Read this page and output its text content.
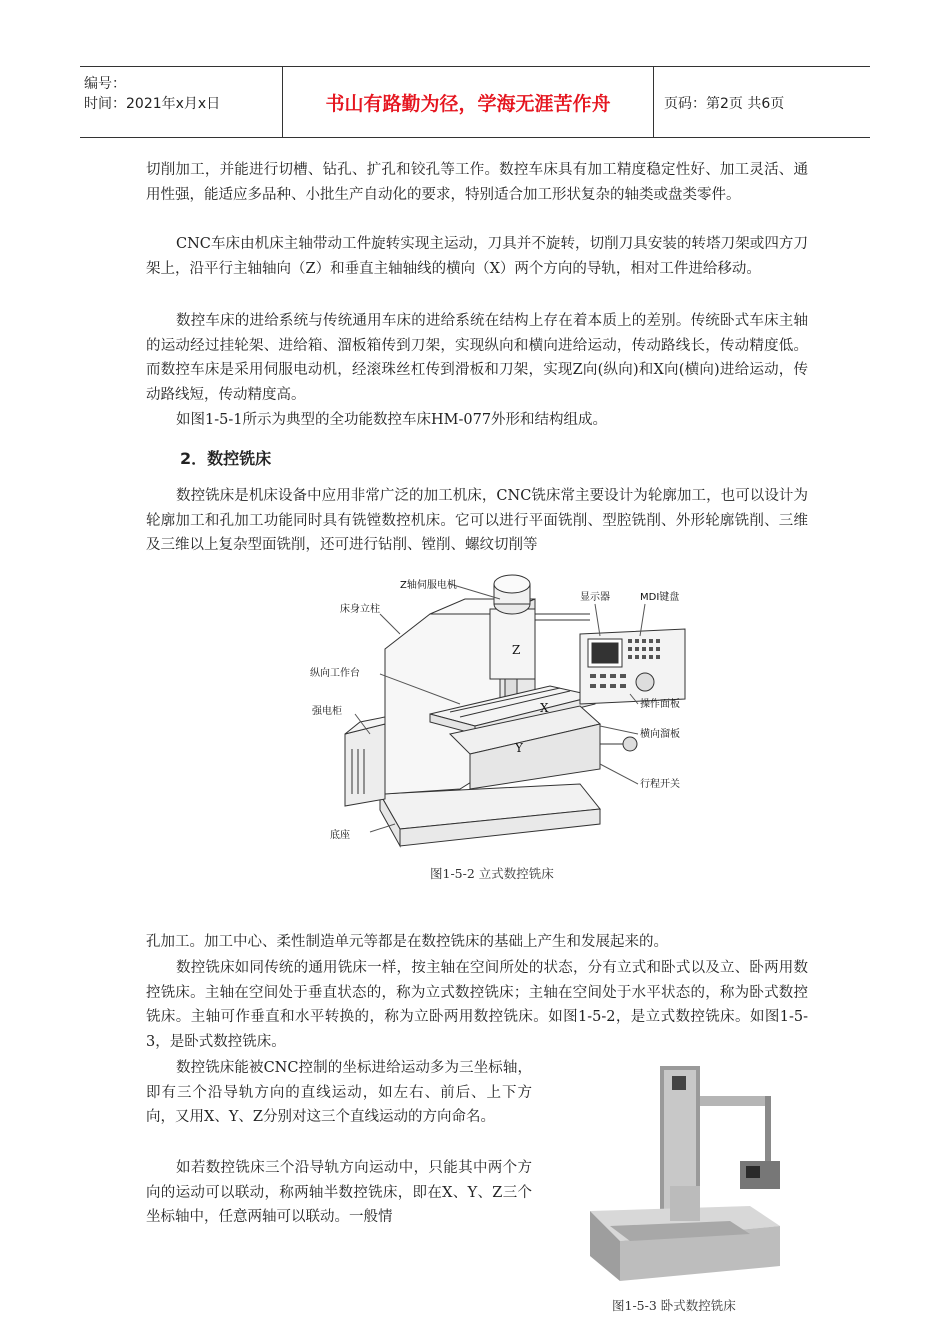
编号：
时间：2021年x月x日	书山有路勤为径，学海无涯苦作舟	页码：第2页 共6页

切削加工，并能进行切槽、钻孔、扩孔和铰孔等工作。数控车床具有加工精度稳定性好、加工灵活、通用性强，能适应多品种、小批生产自动化的要求，特别适合加工形状复杂的轴类或盘类零件。

CNC车床由机床主轴带动工件旋转实现主运动，刀具并不旋转，切削刀具安装的转塔刀架或四方刀架上，沿平行主轴轴向（Z）和垂直主轴轴线的横向（X）两个方向的导轨，相对工件进给移动。

数控车床的进给系统与传统通用车床的进给系统在结构上存在着本质上的差别。传统卧式车床主轴的运动经过挂轮架、进给箱、溜板箱传到刀架，实现纵向和横向进给运动，传动路线长，传动精度低。而数控车床是采用伺服电动机，经滚珠丝杠传到滑板和刀架，实现Z向(纵向)和X向(横向)进给运动，传动路线短，传动精度高。

如图1-5-1所示为典型的全功能数控车床HM-077外形和结构组成。

2．数控铣床

数控铣床是机床设备中应用非常广泛的加工机床，CNC铣床常主要设计为轮廓加工，也可以设计为轮廓加工和孔加工功能同时具有铣镗数控机床。它可以进行平面铣削、型腔铣削、外形轮廓铣削、三维及三维以上复杂型面铣削，还可进行钻削、镗削、螺纹切削等

Z轴伺服电机
床身立柱
纵向工作台
强电柜
底座
显示器	MDI键盘
操作面板
横向溜板
行程开关
Z
X
Y
图1-5-2 立式数控铣床

孔加工。加工中心、柔性制造单元等都是在数控铣床的基础上产生和发展起来的。

数控铣床如同传统的通用铣床一样，按主轴在空间所处的状态，分有立式和卧式以及立、卧两用数控铣床。主轴在空间处于垂直状态的，称为立式数控铣床；主轴在空间处于水平状态的，称为卧式数控铣床。主轴可作垂直和水平转换的，称为立卧两用数控铣床。如图1-5-2，是立式数控铣床。如图1-5-3，是卧式数控铣床。

数控铣床能被CNC控制的坐标进给运动多为三坐标轴，即有三个沿导轨方向的直线运动，如左右、前后、上下方向，又用X、Y、Z分别对这三个直线运动的方向命名。

如若数控铣床三个沿导轨方向运动中，只能其中两个方向的运动可以联动，称两轴半数控铣床，即在X、Y、Z三个坐标轴中，任意两轴可以联动。一般情

图1-5-3 卧式数控铣床
